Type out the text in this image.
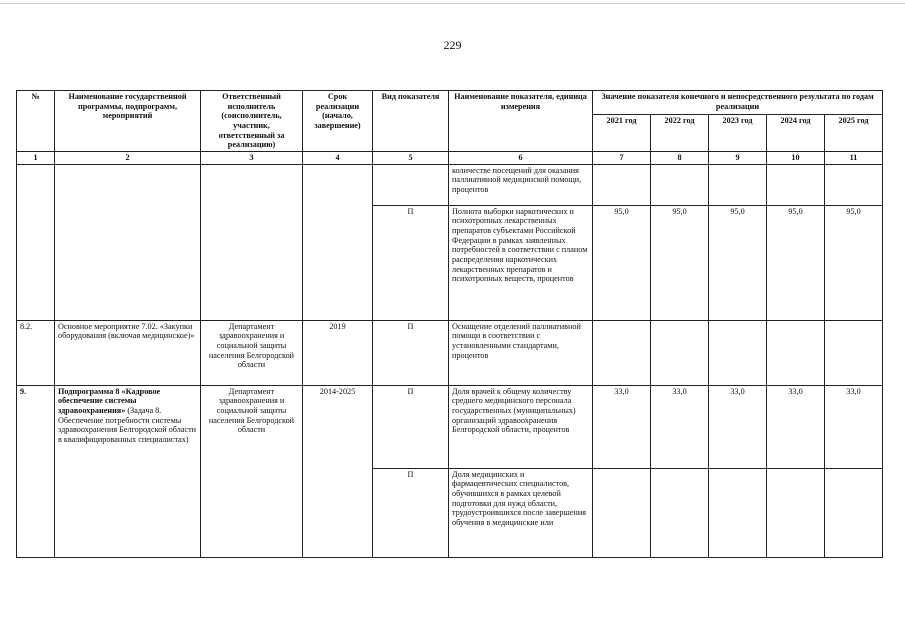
229
№	Наименование государственной программы, подпрограмм, мероприятий	Ответственный исполнитель (соисполнитель, участник, ответственный за реализацию)	Срок реализации (начало, завершение)	Вид показателя	Наименование показателя, единица измерения	Значение показателя конечного и непосредственного результата по годам реализации				
						2021 год	2022 год	2023 год	2024 год	2025 год
1	2	3	4	5	6	7	8	9	10	11
					количестве посещений для оказания паллиативной медицинской помощи, процентов					
				П	Полнота выборки наркотических и психотропных лекарственных препаратов субъектами Российской Федерации в рамках заявленных потребностей в соответствии с планом распределения наркотических лекарственных препаратов и психотропных веществ, процентов	95,0	95,0	95,0	95,0	95,0
8.2.	Основное мероприятие 7.02. «Закупки оборудования (включая медицинское)»	Департамент здравоохранения и социальной защиты населения Белгородской области	2019	П	Оснащение отделений паллиативной помощи в соответствии с установленными стандартами, процентов					
9.	Подпрограмма 8 «Кадровое обеспечение системы здравоохранения» (Задача 8. Обеспечение потребности системы здравоохранения Белгородской области в квалифицированных специалистах)	Департамент здравоохранения и социальной защиты населения Белгородской области	2014-2025	П	Доля врачей к общему количеству среднего медицинского персонала государственных (муниципальных) организаций здравоохранения Белгородской области, процентов	33,0	33,0	33,0	33,0	33,0
				П	Доля медицинских и фармацевтических специалистов, обучившихся в рамках целевой подготовки для нужд области, трудоустроившихся после завершения обучения в медицинские или					
